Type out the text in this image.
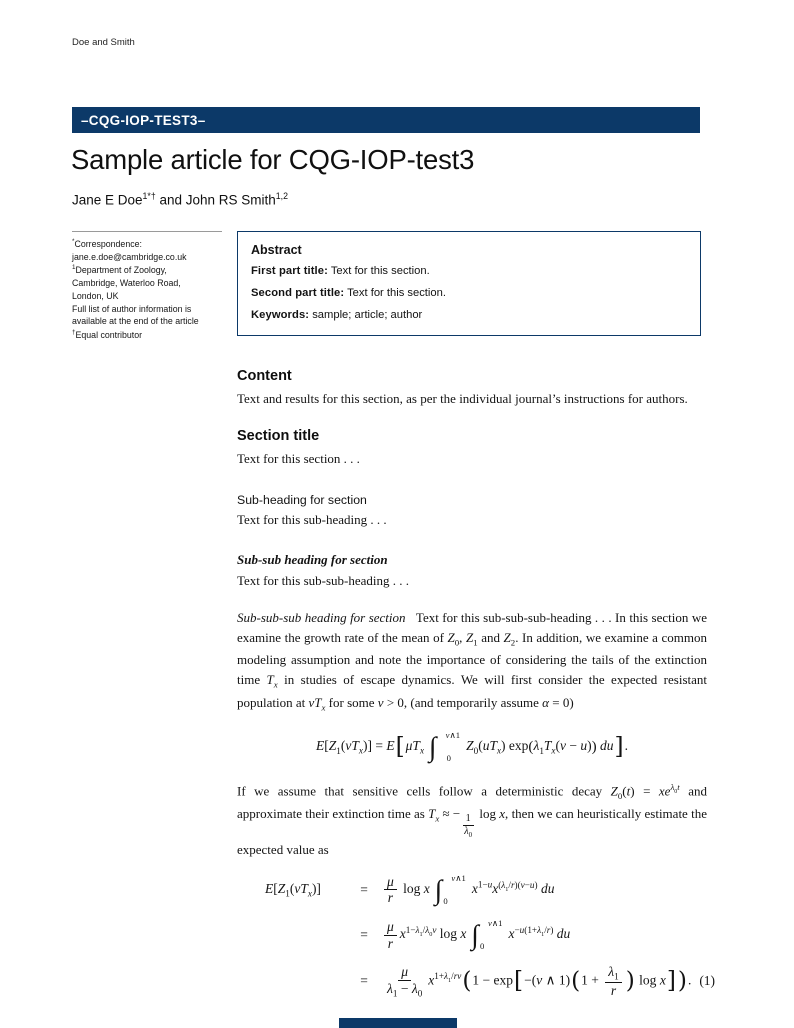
Doe and Smith
–CQG-IOP-TEST3–
Sample article for CQG-IOP-test3
Jane E Doe$^{1*\dagger}$ and John RS Smith$^{1,2}$
*Correspondence:
jane.e.doe@cambridge.co.uk
$^1$Department of Zoology,
Cambridge, Waterloo Road,
London, UK
Full list of author information is
available at the end of the article
†Equal contributor
Abstract

First part title: Text for this section.

Second part title: Text for this section.

Keywords: sample; article; author

Content

Text and results for this section, as per the individual journal’s instructions for authors.

Section title

Text for this section . . .

Sub-heading for section

Text for this sub-heading . . .

Sub-sub heading for section

Text for this sub-sub-heading . . .

Sub-sub-sub heading for section   Text for this sub-sub-sub-heading . . . In this section we examine the growth rate of the mean of $Z_0$, $Z_1$ and $Z_2$. In addition, we examine a common modeling assumption and note the importance of considering the tails of the extinction time $T_x$ in studies of escape dynamics. We will first consider the expected resistant population at $vT_x$ for some v > 0, (and temporarily assume α = 0)

$E[Z_1(vT_x)] = E[\mu T_x$ ∫ v∧1
0
$Z_0(uT_x) \exp(\lambda_1T_x(v - u))$ du].

If we assume that sensitive cells follow a deterministic decay $Z_0(t) = xe^{\lambda_0t}$ and approximate their extinction time as $T_x$ ≈ −
$\frac{1}{\lambda_0}$
log x, then we can heuristically estimate the expected value as

$E[Z_1(vT_x)]$	=	$\frac{\mu}{r}$ log x ∫ v∧1
0
$x^{1-u}x^{(\lambda_1/r)(v-u)}$ du
=	$\frac{\mu}{r} x^{1-\lambda_1/\lambda_0v}$ log x ∫ v∧1
0
$x^{-u(1+\lambda_1/r)}$ du
=	$\frac{\mu}{\lambda_1 - \lambda_0} x^{1+\lambda_1/rv}(1 - \exp[-(v$ ∧ $1)(1 + \frac{\lambda_1}{r}$ ) log x]). (1)
